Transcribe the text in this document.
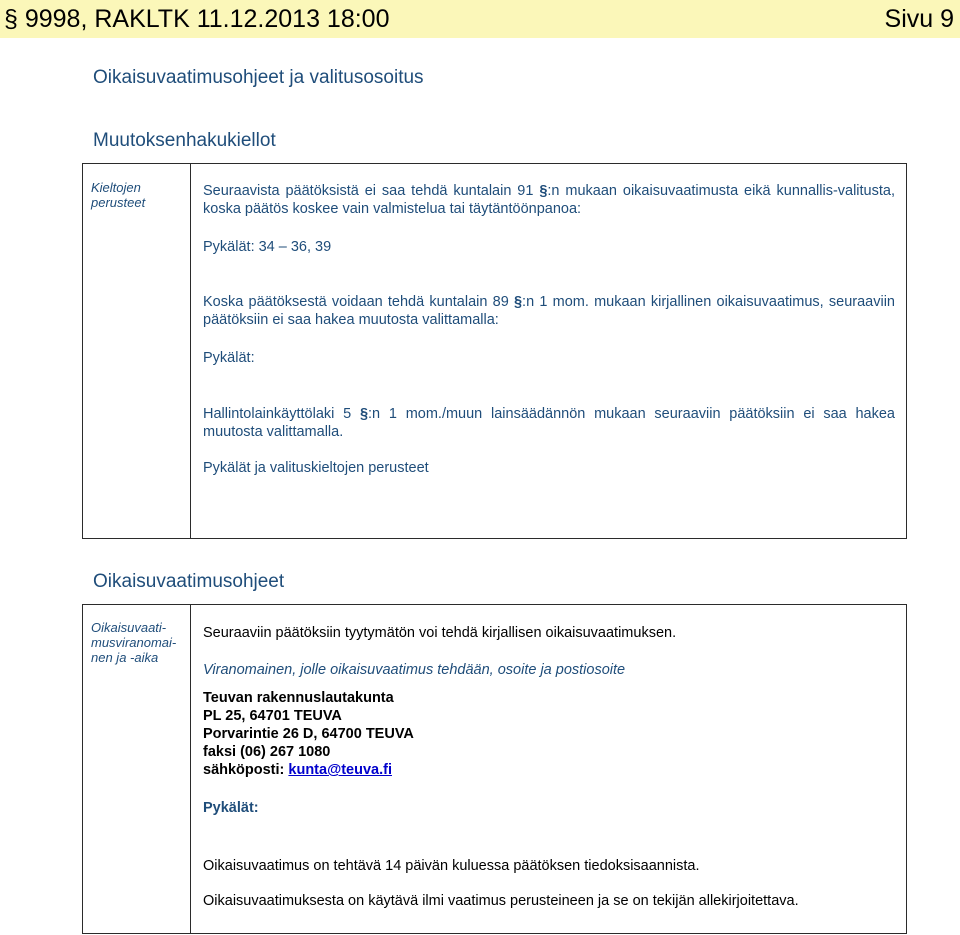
§ 9998, RAKLTK 11.12.2013 18:00	Sivu 9
Oikaisuvaatimusohjeet ja valitusosoitus
Muutoksenhakukiellot
Kieltojen perusteet
Seuraavista päätöksistä ei saa tehdä kuntalain 91 §:n mukaan oikaisuvaatimusta eikä kunnallis-valitusta, koska päätös koskee vain valmistelua tai täytäntöönpanoa:
Pykälät: 34 – 36, 39
Koska päätöksestä voidaan tehdä kuntalain 89 §:n 1 mom. mukaan kirjallinen oikaisuvaatimus, seuraaviin päätöksiin ei saa hakea muutosta valittamalla:
Pykälät:
Hallintolainkäyttölaki 5 §:n 1 mom./muun lainsäädännön mukaan seuraaviin päätöksiin ei saa hakea muutosta valittamalla.
Pykälät ja valituskieltojen perusteet
Oikaisuvaatimusohjeet
Oikaisuvaati-
musviranomai-
nen ja -aika
Seuraaviin päätöksiin tyytymätön voi tehdä kirjallisen oikaisuvaatimuksen.
Viranomainen, jolle oikaisuvaatimus tehdään, osoite ja postiosoite
Teuvan rakennuslautakunta
PL 25, 64701 TEUVA
Porvarintie 26 D, 64700 TEUVA
faksi (06) 267 1080
sähköposti: kunta@teuva.fi
Pykälät:
Oikaisuvaatimus on tehtävä 14 päivän kuluessa päätöksen tiedoksisaannista.
Oikaisuvaatimuksesta on käytävä ilmi vaatimus perusteineen ja se on tekijän allekirjoitettava.
